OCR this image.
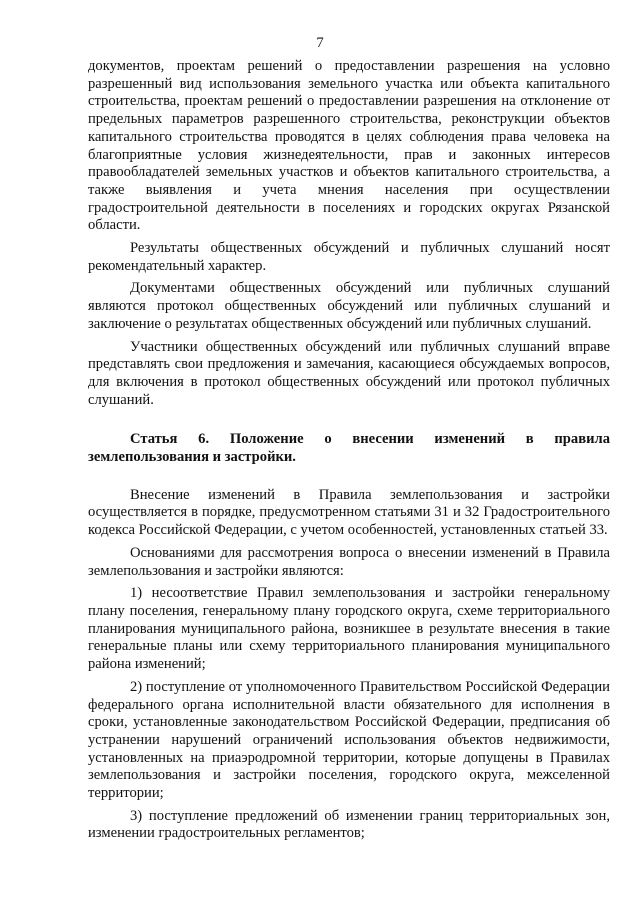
7

документов, проектам решений о предоставлении разрешения на условно разрешенный вид использования земельного участка или объекта капитального строительства, проектам решений о предоставлении разрешения на отклонение от предельных параметров разрешенного строительства, реконструкции объектов капитального строительства проводятся в целях соблюдения права человека на благоприятные условия жизнедеятельности, прав и законных интересов правообладателей земельных участков и объектов капитального строительства, а также выявления и учета мнения населения при осуществлении градостроительной деятельности в поселениях и городских округах Рязанской области.

Результаты общественных обсуждений и публичных слушаний носят рекомендательный характер.

Документами общественных обсуждений или публичных слушаний являются протокол общественных обсуждений или публичных слушаний и заключение о результатах общественных обсуждений или публичных слушаний.

Участники общественных обсуждений или публичных слушаний вправе представлять свои предложения и замечания, касающиеся обсуждаемых вопросов, для включения в протокол общественных обсуждений или протокол публичных слушаний.

Статья 6. Положение о внесении изменений в правила землепользования и застройки.

Внесение изменений в Правила землепользования и застройки осуществляется в порядке, предусмотренном статьями 31 и 32 Градостроительного кодекса Российской Федерации, с учетом особенностей, установленных статьей 33.

Основаниями для рассмотрения вопроса о внесении изменений в Правила землепользования и застройки являются:

1) несоответствие Правил землепользования и застройки генеральному плану поселения, генеральному плану городского округа, схеме территориального планирования муниципального района, возникшее в результате внесения в такие генеральные планы или схему территориального планирования муниципального района изменений;

2) поступление от уполномоченного Правительством Российской Федерации федерального органа исполнительной власти обязательного для исполнения в сроки, установленные законодательством Российской Федерации, предписания об устранении нарушений ограничений использования объектов недвижимости, установленных на приаэродромной территории, которые допущены в Правилах землепользования и застройки поселения, городского округа, межселенной территории;

3) поступление предложений об изменении границ территориальных зон, изменении градостроительных регламентов;
